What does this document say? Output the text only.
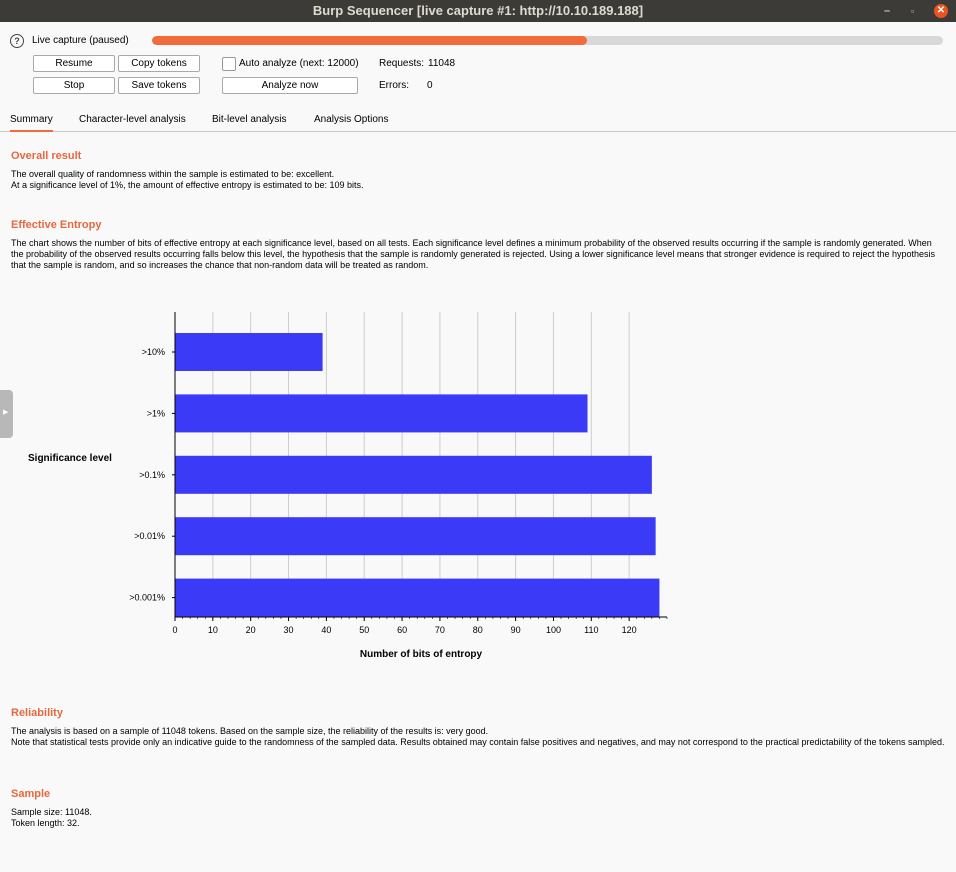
Burp Sequencer [live capture #1: http://10.10.189.188]	– ▫ ✕
?	Live capture (paused)
Resume	Copy tokens
Stop	Save tokens	Analyze now
Auto analyze (next: 12000) Requests: 11048
Errors: 0
Summary	Character-level analysis	Bit-level analysis	Analysis Options
Overall result
The overall quality of randomness within the sample is estimated to be: excellent.
At a significance level of 1%, the amount of effective entropy is estimated to be: 109 bits.
Effective Entropy
The chart shows the number of bits of effective entropy at each significance level, based on all tests. Each significance level defines a minimum probability of the observed results occurring if the sample is randomly generated. When the probability of the observed results occurring falls below this level, the hypothesis that the sample is randomly generated is rejected. Using a lower significance level means that stronger evidence is required to reject the hypothesis that the sample is random, and so increases the chance that non-random data will be treated as random.
▶
0	10	20	30	40	50	60	70	80	90	100	110	120
>10%
>1%
>0.1%
>0.01%
>0.001%
Significance level
Number of bits of entropy
Reliability
The analysis is based on a sample of 11048 tokens. Based on the sample size, the reliability of the results is: very good.
Note that statistical tests provide only an indicative guide to the randomness of the sampled data. Results obtained may contain false positives and negatives, and may not correspond to the practical predictability of the tokens sampled.
Sample
Sample size: 11048.
Token length: 32.
